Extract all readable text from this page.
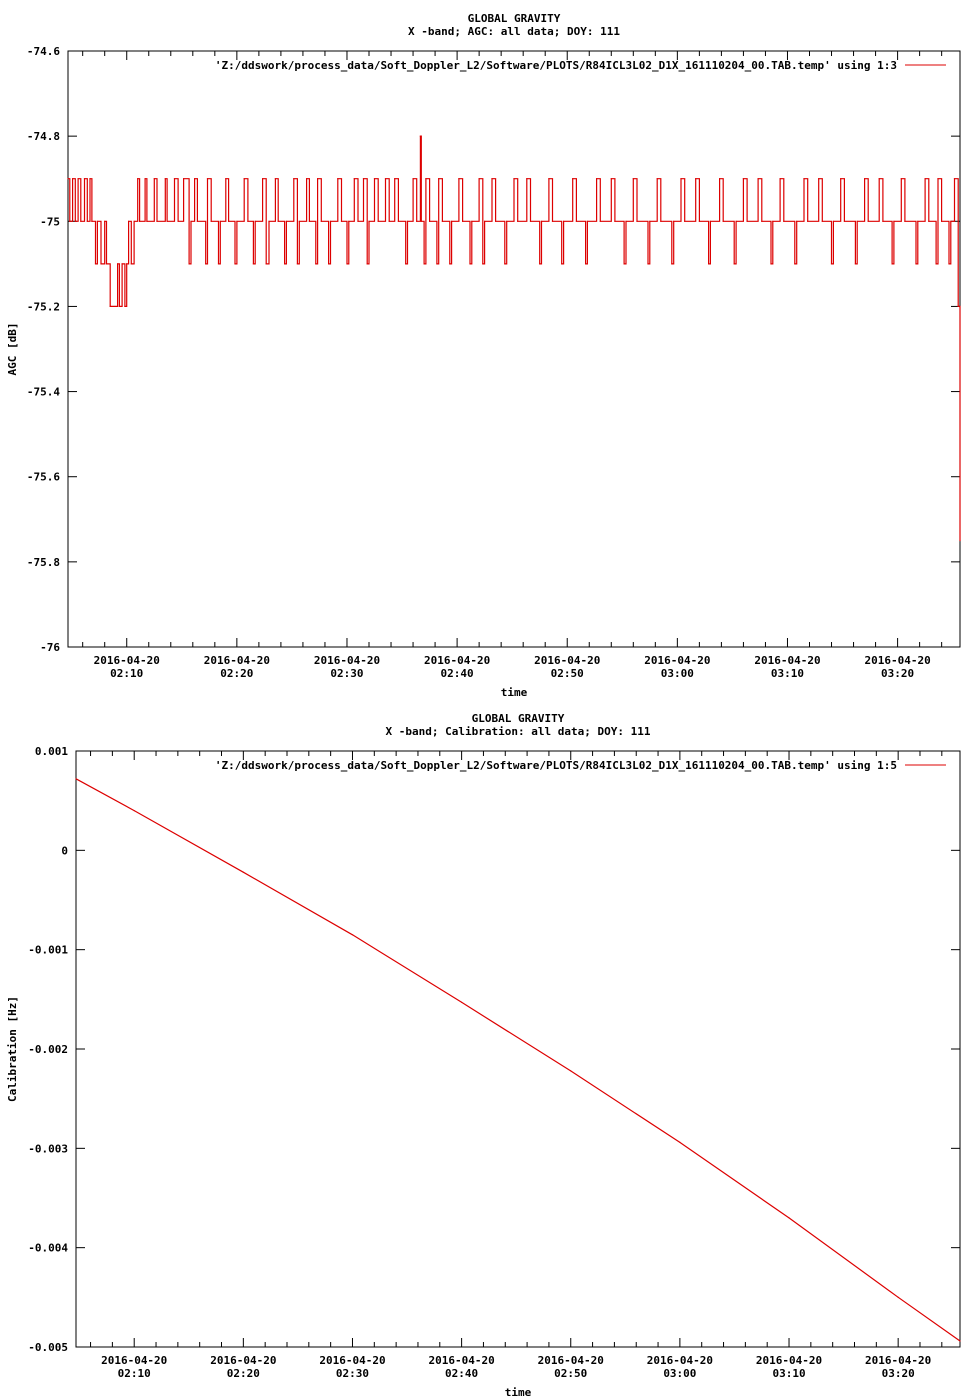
GLOBAL GRAVITY
X -band; AGC: all data; DOY: 111
-74.6
-74.8
-75
-75.2
-75.4
-75.6
-75.8
-76
2016-04-20
02:10
2016-04-20
02:20
2016-04-20
02:30
2016-04-20
02:40
2016-04-20
02:50
2016-04-20
03:00
2016-04-20
03:10
2016-04-20
03:20
time
AGC [dB]
'Z:/ddswork/process_data/Soft_Doppler_L2/Software/PLOTS/R84ICL3L02_D1X_161110204_00.TAB.temp' using 1:3
GLOBAL GRAVITY
X -band; Calibration: all data; DOY: 111
0.001
0
-0.001
-0.002
-0.003
-0.004
-0.005
2016-04-20
02:10
2016-04-20
02:20
2016-04-20
02:30
2016-04-20
02:40
2016-04-20
02:50
2016-04-20
03:00
2016-04-20
03:10
2016-04-20
03:20
time
Calibration [Hz]
'Z:/ddswork/process_data/Soft_Doppler_L2/Software/PLOTS/R84ICL3L02_D1X_161110204_00.TAB.temp' using 1:5
